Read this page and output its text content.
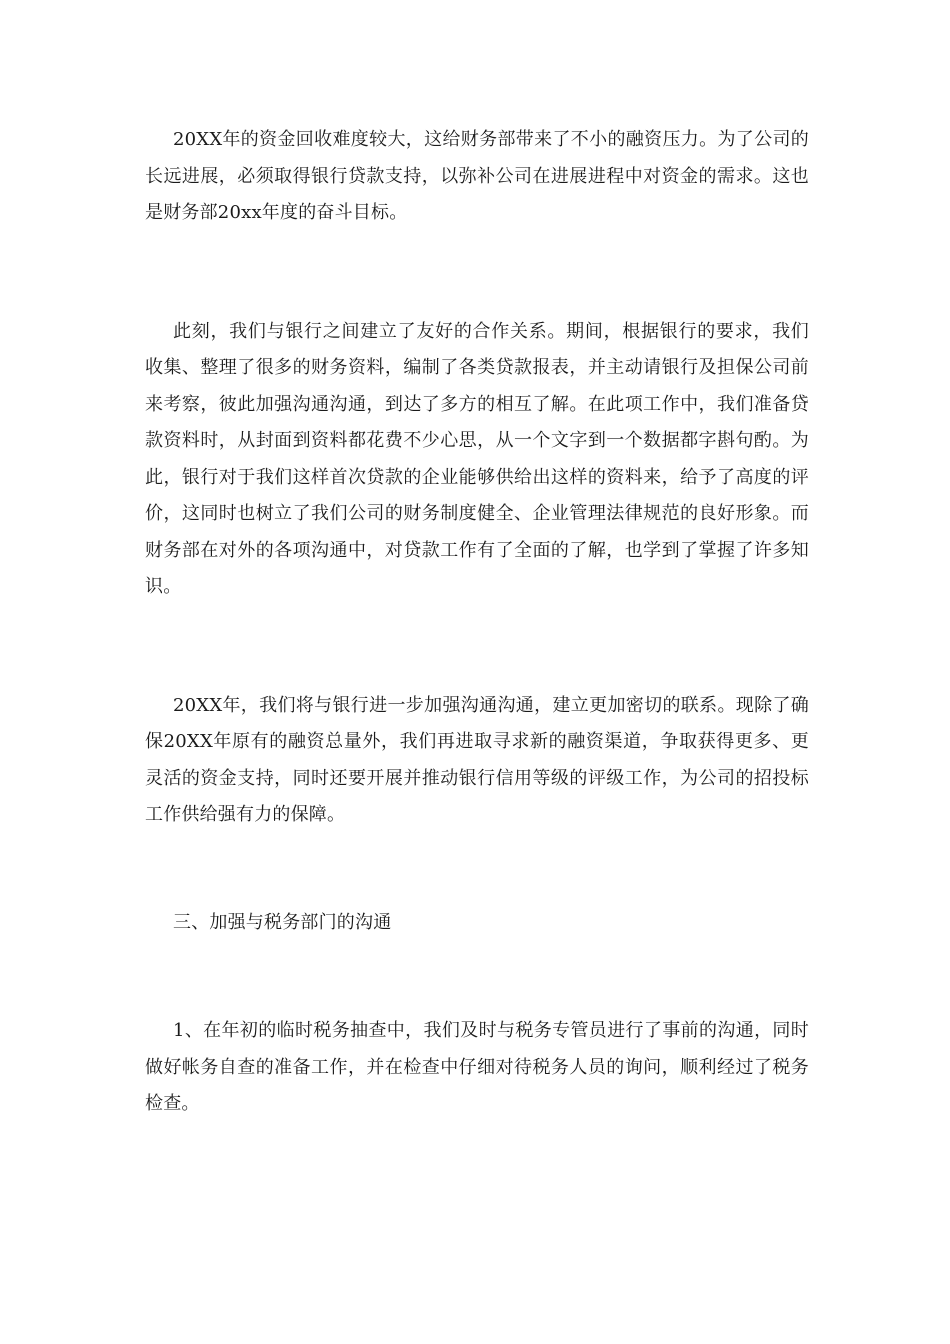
20XX年的资金回收难度较大，这给财务部带来了不小的融资压力。为了公司的长远进展，必须取得银行贷款支持，以弥补公司在进展进程中对资金的需求。这也是财务部20xx年度的奋斗目标。

此刻，我们与银行之间建立了友好的合作关系。期间，根据银行的要求，我们收集、整理了很多的财务资料，编制了各类贷款报表，并主动请银行及担保公司前来考察，彼此加强沟通沟通，到达了多方的相互了解。在此项工作中，我们准备贷款资料时，从封面到资料都花费不少心思，从一个文字到一个数据都字斟句酌。为此，银行对于我们这样首次贷款的企业能够供给出这样的资料来，给予了高度的评价，这同时也树立了我们公司的财务制度健全、企业管理法律规范的良好形象。而财务部在对外的各项沟通中，对贷款工作有了全面的了解，也学到了掌握了许多知识。

20XX年，我们将与银行进一步加强沟通沟通，建立更加密切的联系。现除了确保20XX年原有的融资总量外，我们再进取寻求新的融资渠道，争取获得更多、更灵活的资金支持，同时还要开展并推动银行信用等级的评级工作，为公司的招投标工作供给强有力的保障。

三、加强与税务部门的沟通

1、在年初的临时税务抽查中，我们及时与税务专管员进行了事前的沟通，同时做好帐务自查的准备工作，并在检查中仔细对待税务人员的询问，顺利经过了税务检查。
